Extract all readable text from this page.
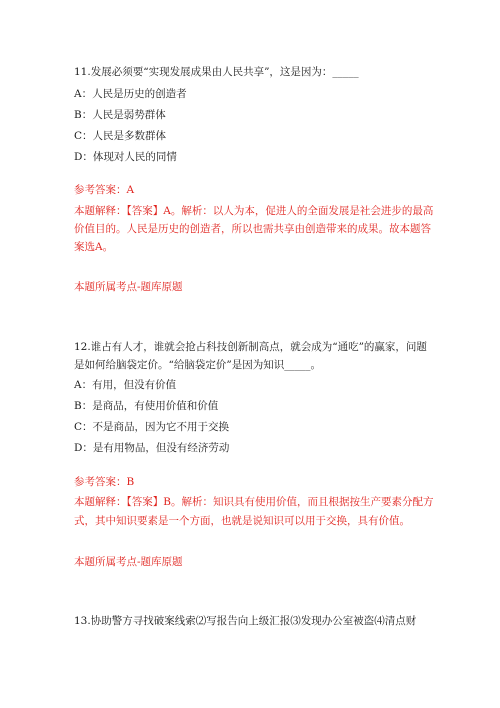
11.发展必须要“实现发展成果由人民共享”，这是因为：_____
A：人民是历史的创造者
B：人民是弱势群体
C：人民是多数群体
D：体现对人民的同情
参考答案：A
本题解释：【答案】A。解析：以人为本，促进人的全面发展是社会进步的最高
价值目的。人民是历史的创造者，所以也需共享由创造带来的成果。故本题答
案选A。
本题所属考点-题库原题
12.谁占有人才，谁就会抢占科技创新制高点，就会成为“通吃”的赢家，问题
是如何给脑袋定价。“给脑袋定价”是因为知识_____。
A：有用，但没有价值
B：是商品，有使用价值和价值
C：不是商品，因为它不用于交换
D：是有用物品，但没有经济劳动
参考答案：B
本题解释：【答案】B。解析：知识具有使用价值，而且根据按生产要素分配方
式，其中知识要素是一个方面，也就是说知识可以用于交换，具有价值。
本题所属考点-题库原题
13.协助警方寻找破案线索⑵写报告向上级汇报⑶发现办公室被盗⑷清点财
